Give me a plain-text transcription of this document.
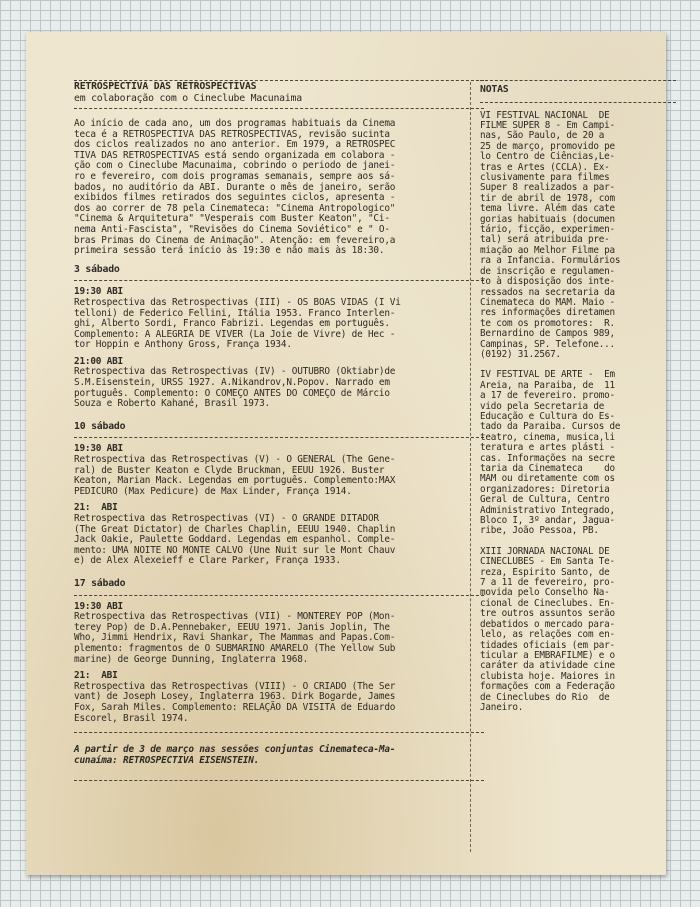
RETROSPECTIVA DAS RETROSPECTIVAS

em colaboração com o Cineclube Macunaima

Ao início de cada ano, um dos programas habituais da Cinema

teca é a RETROSPECTIVA DAS RETROSPECTIVAS, revisão sucinta

dos ciclos realizados no ano anterior. Em 1979, a RETROSPEC

TIVA DAS RETROSPECTIVAS está sendo organizada em colabora -

ção com o Cineclube Macunaima, cobrindo o periodo de janei-

ro e fevereiro, com dois programas semanais, sempre aos sá-

bados, no auditório da ABI. Durante o mês de janeiro, serão

exibidos filmes retirados dos seguintes ciclos, apresenta -

dos ao correr de 78 pela Cinemateca: "Cinema Antropologico"

"Cinema & Arquitetura" "Vesperais com Buster Keaton", "Ci-

nema Anti-Fascista", "Revisões do Cinema Soviético" e " O-

bras Primas do Cinema de Animação". Atenção: em fevereiro,a

primeira sessão terá início às 19:30 e não mais às 18:30.

3 sábado

19:30 ABI

Retrospectiva das Retrospectivas (III) - OS BOAS VIDAS (I Vi

telloni) de Federico Fellini, Itália 1953. Franco Interlen-

ghi, Alberto Sordi, Franco Fabrizi. Legendas em português.

Complemento: A ALEGRIA DE VIVER (La Joie de Vivre) de Hec -

tor Hoppin e Anthony Gross, França 1934.

21:00 ABI

Retrospectiva das Retrospectivas (IV) - OUTUBRO (Oktiabr)de

S.M.Eisenstein, URSS 1927. A.Nikandrov,N.Popov. Narrado em

português. Complemento: O COMEÇO ANTES DO COMEÇO de Márcio

Souza e Roberto Kahané, Brasil 1973.

10 sábado

19:30 ABI

Retrospectiva das Retrospectivas (V) - O GENERAL (The Gene-

ral) de Buster Keaton e Clyde Bruckman, EEUU 1926. Buster

Keaton, Marian Mack. Legendas em português. Complemento:MAX

PEDICURO (Max Pedicure) de Max Linder, França 1914.

21:  ABI

Retrospectiva das Retrospectivas (VI) - O GRANDE DITADOR

(The Great Dictator) de Charles Chaplin, EEUU 1940. Chaplin

Jack Oakie, Paulette Goddard. Legendas em espanhol. Comple-

mento: UMA NOITE NO MONTE CALVO (Une Nuit sur le Mont Chauv

e) de Alex Alexeieff e Clare Parker, França 1933.

17 sábado

19:30 ABI

Retrospectiva das Retrospectivas (VII) - MONTEREY POP (Mon-

terey Pop) de D.A.Pennebaker, EEUU 1971. Janis Joplin, The

Who, Jimmi Hendrix, Ravi Shankar, The Mammas and Papas.Com-

plemento: fragmentos de O SUBMARINO AMARELO (The Yellow Sub

marine) de George Dunning, Inglaterra 1968.

21:  ABI

Retrospectiva das Retrospectivas (VIII) - O CRIADO (The Ser

vant) de Joseph Losey, Inglaterra 1963. Dirk Bogarde, James

Fox, Sarah Miles. Complemento: RELAÇÃO DA VISITA de Eduardo

Escorel, Brasil 1974.

A partir de 3 de março nas sessões conjuntas Cinemateca-Ma-

cunaíma: RETROSPECTIVA EISENSTEIN.

NOTAS

VI FESTIVAL NACIONAL  DE

FILME SUPER 8 - Em Campi-

nas, São Paulo, de 20 a

25 de março, promovido pe

lo Centro de Ciências,Le-

tras e Artes (CCLA). Ex-

clusivamente para filmes

Super 8 realizados a par-

tir de abril de 1978, com

tema livre. Além das cate

gorias habituais (documen

tário, ficção, experimen-

tal) será atribuida pre-

miação ao Melhor Filme pa

ra a Infancia. Formulários

de inscrição e regulamen-

to à disposição dos inte-

ressados na secretaria da

Cinemateca do MAM. Maio -

res informações diretamen

te com os promotores:  R.

Bernardino de Campos 989,

Campinas, SP. Telefone...

(0192) 31.2567.

IV FESTIVAL DE ARTE -  Em

Areia, na Paraiba, de  11

a 17 de fevereiro. promo-

vido pela Secretaria de

Educação e Cultura do Es-

tado da Paraiba. Cursos de

teatro, cinema, musica,li

teratura e artes plásti -

cas. Informações na secre

taria da Cinemateca    do

MAM ou diretamente com os

organizadores: Diretoria

Geral de Cultura, Centro

Administrativo Integrado,

Bloco I, 3º andar, Jagua-

ribe, João Pessoa, PB.

XIII JORNADA NACIONAL DE

CINECLUBES - Em Santa Te-

reza, Espirito Santo, de

7 a 11 de fevereiro, pro-

movida pelo Conselho Na-

cional de Cineclubes. En-

tre outros assuntos serão

debatidos o mercado para-

lelo, as relações com en-

tidades oficiais (em par-

ticular a EMBRAFILME) e o

caráter da atividade cine

clubista hoje. Maiores in

formações com a Federação

de Cineclubes do Rio  de

Janeiro.
